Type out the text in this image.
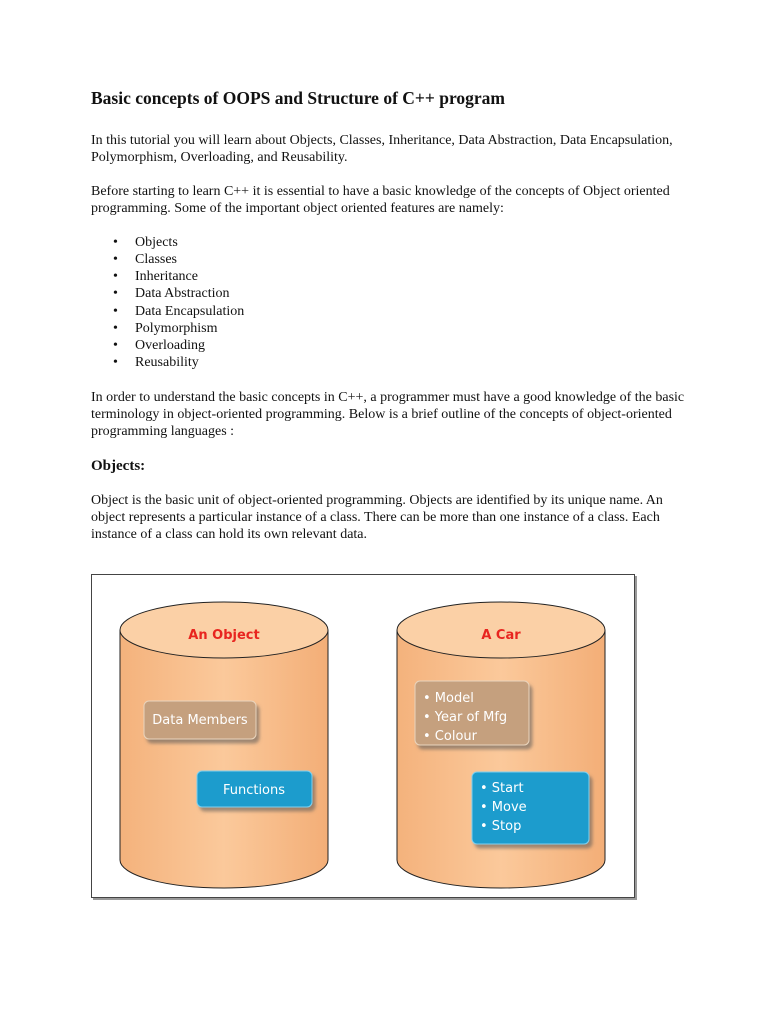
Basic concepts of OOPS and Structure of C++ program

In this tutorial you will learn about Objects, Classes, Inheritance, Data Abstraction, Data Encapsulation, Polymorphism, Overloading, and Reusability.

Before starting to learn C++ it is essential to have a basic knowledge of the concepts of Object oriented programming. Some of the important object oriented features are namely:

• Objects
• Classes
• Inheritance
• Data Abstraction
• Data Encapsulation
• Polymorphism
• Overloading
• Reusability

In order to understand the basic concepts in C++, a programmer must have a good knowledge of the basic terminology in object-oriented programming. Below is a brief outline of the concepts of object-oriented programming languages :

Objects:

Object is the basic unit of object-oriented programming. Objects are identified by its unique name. An object represents a particular instance of a class. There can be more than one instance of a class. Each instance of a class can hold its own relevant data.

An Object
Data Members
Functions
A Car
• Model
• Year of Mfg
• Colour
• Start
• Move
• Stop
